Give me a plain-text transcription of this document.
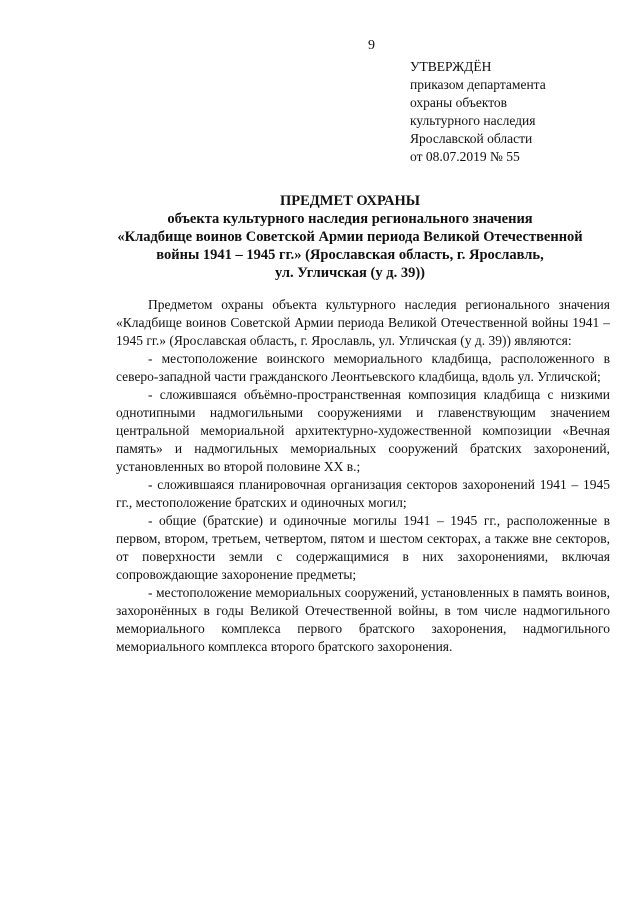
9
УТВЕРЖДЁН
приказом департамента
охраны объектов
культурного наследия
Ярославской области
от 08.07.2019 № 55
ПРЕДМЕТ ОХРАНЫ
объекта культурного наследия регионального значения
«Кладбище воинов Советской Армии периода Великой Отечественной
войны 1941 – 1945 гг.» (Ярославская область, г. Ярославль,
ул. Угличская (у д. 39))

Предметом охраны объекта культурного наследия регионального значения «Кладбище воинов Советской Армии периода Великой Отечественной войны 1941 – 1945 гг.» (Ярославская область, г. Ярославль, ул. Угличская (у д. 39)) являются:

- местоположение воинского мемориального кладбища, расположенного в северо-западной части гражданского Леонтьевского кладбища, вдоль ул. Угличской;

- сложившаяся объёмно-пространственная композиция кладбища с низкими однотипными надмогильными сооружениями и главенствующим значением центральной мемориальной архитектурно-художественной композиции «Вечная память» и надмогильных мемориальных сооружений братских захоронений, установленных во второй половине XX в.;

- сложившаяся планировочная организация секторов захоронений 1941 – 1945 гг., местоположение братских и одиночных могил;

- общие (братские) и одиночные могилы 1941 – 1945 гг., расположенные в первом, втором, третьем, четвертом, пятом и шестом секторах, а также вне секторов, от поверхности земли с содержащимися в них захоронениями, включая сопровождающие захоронение предметы;

- местоположение мемориальных сооружений, установленных в память воинов, захоронённых в годы Великой Отечественной войны, в том числе надмогильного мемориального комплекса первого братского захоронения, надмогильного мемориального комплекса второго братского захоронения.
